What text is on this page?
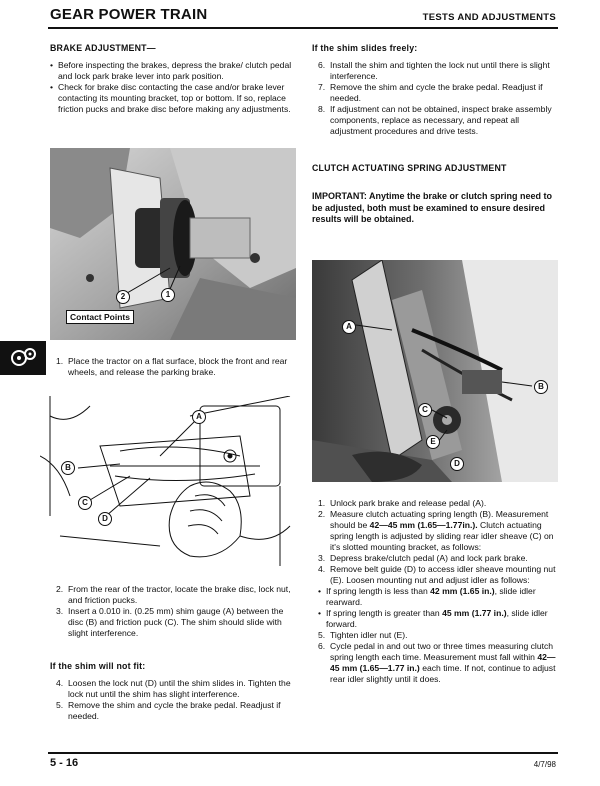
GEAR POWER TRAIN	TESTS AND ADJUSTMENTS
BRAKE ADJUSTMENT—
• Before inspecting the brakes, depress the brake/ clutch pedal and lock park brake lever into park position.
• Check for brake disc contacting the case and/or brake lever contacting its mounting bracket, top or bottom. If so, replace friction pucks and brake disc before making any adjustments.
2	1
Contact Points
1. Place the tractor on a flat surface, block the front and rear wheels, and release the parking brake.
A
B
C
D
2. From the rear of the tractor, locate the brake disc, lock nut, and friction pucks.
3. Insert a 0.010 in. (0.25 mm) shim gauge (A) between the disc (B) and friction puck (C). The shim should slide with slight interference.
If the shim will not fit:
4. Loosen the lock nut (D) until the shim slides in. Tighten the lock nut until the shim has slight interference.
5. Remove the shim and cycle the brake pedal. Readjust if needed.
If the shim slides freely:
6. Install the shim and tighten the lock nut until there is slight interference.
7. Remove the shim and cycle the brake pedal. Readjust if needed.
8. If adjustment can not be obtained, inspect brake assembly components, replace as necessary, and repeat all adjustment procedures and drive tests.
CLUTCH ACTUATING SPRING ADJUSTMENT
IMPORTANT: Anytime the brake or clutch spring need to be adjusted, both must be examined to ensure desired results will be obtained.
A
B
C
E
D
1. Unlock park brake and release pedal (A).
2. Measure clutch actuating spring length (B). Measurement should be 42—45 mm (1.65—1.77in.). Clutch actuating spring length is adjusted by sliding rear idler sheave (C) on it's slotted mounting bracket, as follows:
3. Depress brake/clutch pedal (A) and lock park brake.
4. Remove belt guide (D) to access idler sheave mounting nut (E). Loosen mounting nut and adjust idler as follows:
• If spring length is less than 42 mm (1.65 in.), slide idler rearward.
• If spring length is greater than 45 mm (1.77 in.), slide idler forward.
5. Tighten idler nut (E).
6. Cycle pedal in and out two or three times measuring clutch spring length each time. Measurement must fall within 42—45 mm (1.65—1.77 in.) each time. If not, continue to adjust rear idler slightly until it does.
5 - 16	4/7/98
